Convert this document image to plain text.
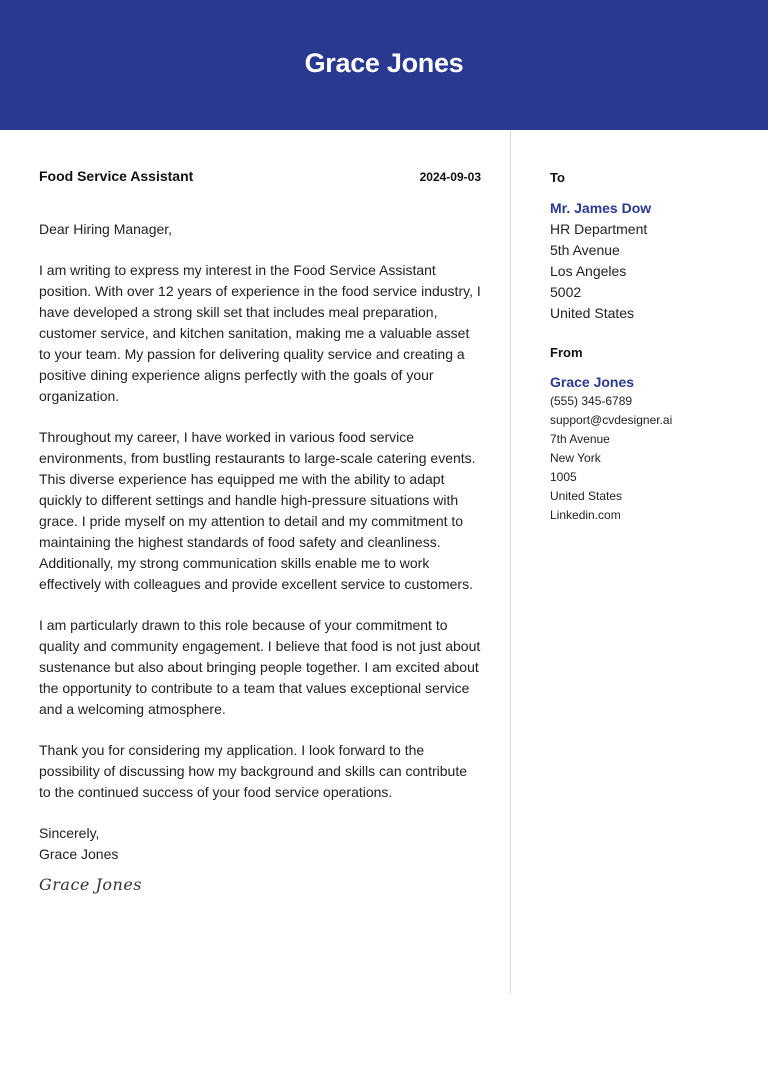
Grace Jones
Food Service Assistant	2024-09-03
Dear Hiring Manager,
I am writing to express my interest in the Food Service Assistant position. With over 12 years of experience in the food service industry, I have developed a strong skill set that includes meal preparation, customer service, and kitchen sanitation, making me a valuable asset to your team. My passion for delivering quality service and creating a positive dining experience aligns perfectly with the goals of your organization.
Throughout my career, I have worked in various food service environments, from bustling restaurants to large-scale catering events. This diverse experience has equipped me with the ability to adapt quickly to different settings and handle high-pressure situations with grace. I pride myself on my attention to detail and my commitment to maintaining the highest standards of food safety and cleanliness. Additionally, my strong communication skills enable me to work effectively with colleagues and provide excellent service to customers.
I am particularly drawn to this role because of your commitment to quality and community engagement. I believe that food is not just about sustenance but also about bringing people together. I am excited about the opportunity to contribute to a team that values exceptional service and a welcoming atmosphere.
Thank you for considering my application. I look forward to the possibility of discussing how my background and skills can contribute to the continued success of your food service operations.
Sincerely,
Grace Jones
Grace Jones
To
Mr. James Dow
HR Department
5th Avenue
Los Angeles
5002
United States
From
Grace Jones
(555) 345-6789
support@cvdesigner.ai
7th Avenue
New York
1005
United States
Linkedin.com
